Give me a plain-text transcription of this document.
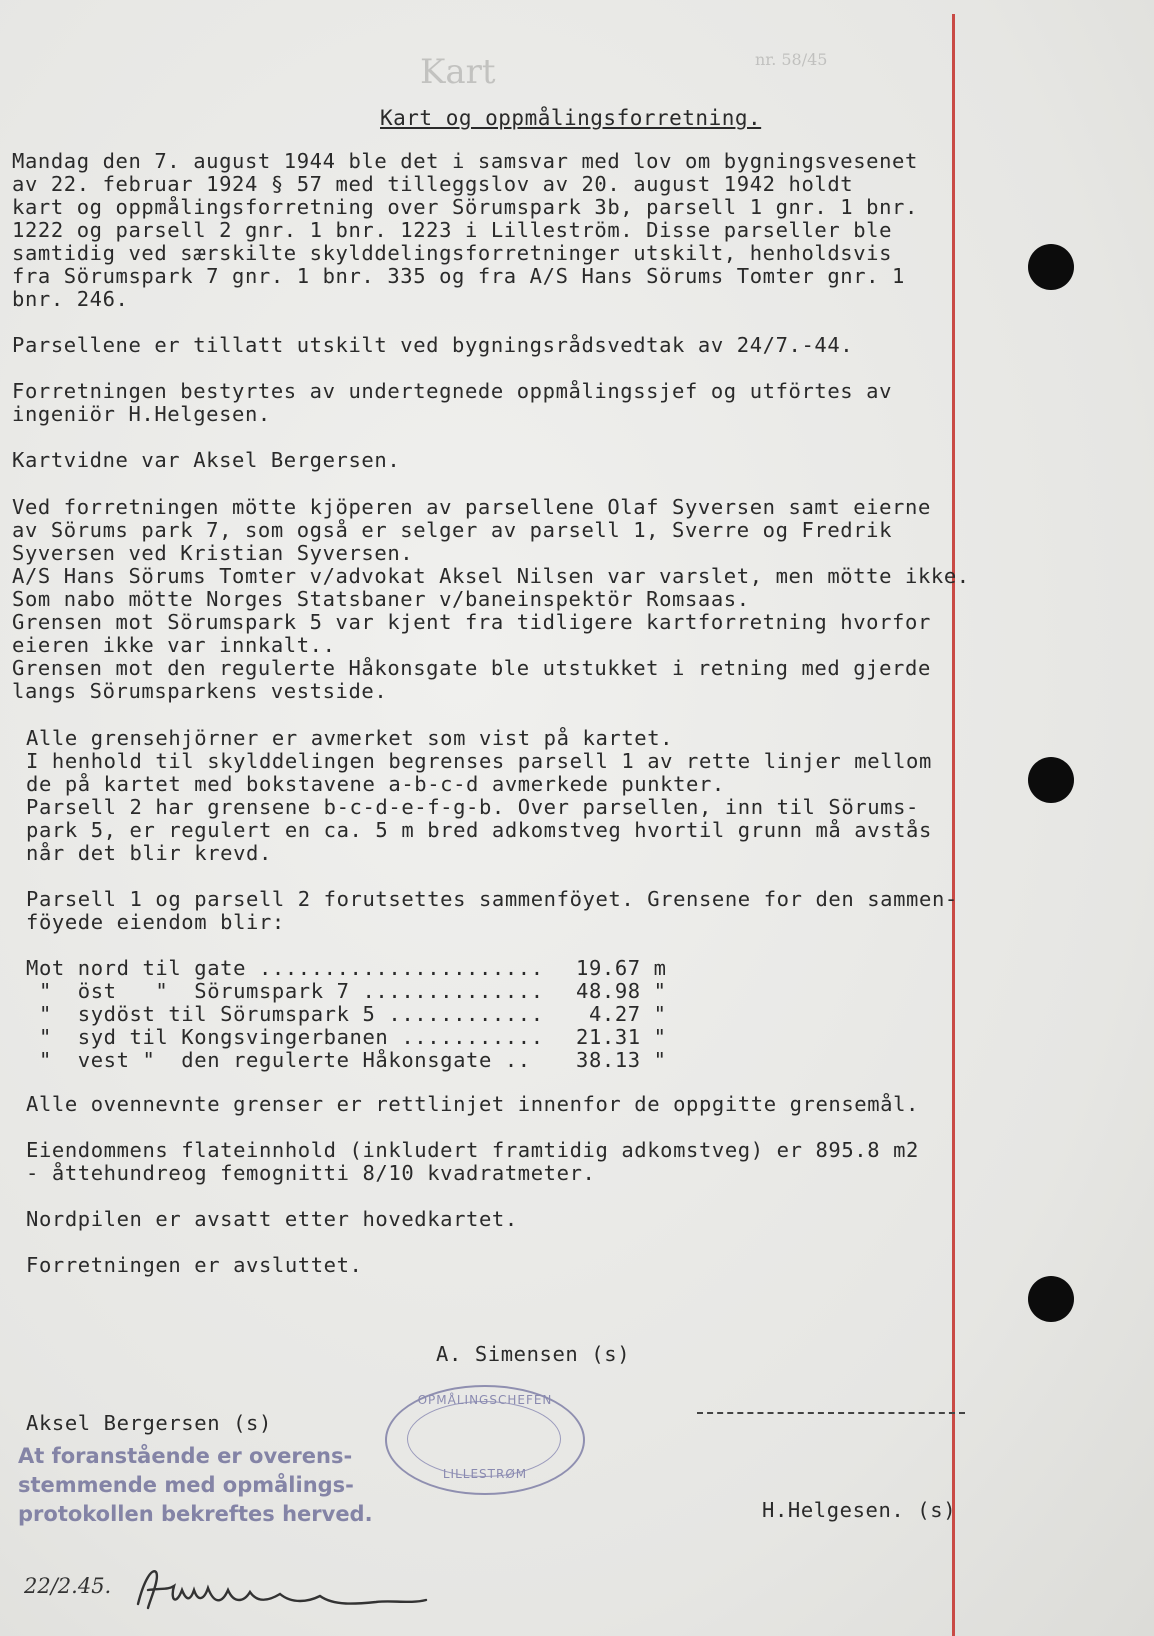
Kart	nr. 58/45
Kart og oppmålingsforretning.
Mandag den 7. august 1944 ble det i samsvar med lov om bygningsvesenet
av 22. februar 1924 § 57 med tilleggslov av 20. august 1942 holdt
kart og oppmålingsforretning over Sörumspark 3b, parsell 1 gnr. 1 bnr.
1222 og parsell 2 gnr. 1 bnr. 1223 i Lilleström. Disse parseller ble
samtidig ved særskilte skylddelingsforretninger utskilt, henholdsvis
fra Sörumspark 7 gnr. 1 bnr. 335 og fra A/S Hans Sörums Tomter gnr. 1
bnr. 246.
Parsellene er tillatt utskilt ved bygningsrådsvedtak av 24/7.-44.
Forretningen bestyrtes av undertegnede oppmålingssjef og utförtes av
ingeniör H.Helgesen.
Kartvidne var Aksel Bergersen.
Ved forretningen mötte kjöperen av parsellene Olaf Syversen samt eierne
av Sörums park 7, som også er selger av parsell 1, Sverre og Fredrik
Syversen ved Kristian Syversen.
A/S Hans Sörums Tomter v/advokat Aksel Nilsen var varslet, men mötte ikke.
Som nabo mötte Norges Statsbaner v/baneinspektör Romsaas.
Grensen mot Sörumspark 5 var kjent fra tidligere kartforretning hvorfor
eieren ikke var innkalt..
Grensen mot den regulerte Håkonsgate ble utstukket i retning med gjerde
langs Sörumsparkens vestside.
Alle grensehjörner er avmerket som vist på kartet.
I henhold til skylddelingen begrenses parsell 1 av rette linjer mellom
de på kartet med bokstavene a-b-c-d avmerkede punkter.
Parsell 2 har grensene b-c-d-e-f-g-b. Over parsellen, inn til Sörums-
park 5, er regulert en ca. 5 m bred adkomstveg hvortil grunn må avstås
når det blir krevd.
Parsell 1 og parsell 2 forutsettes sammenföyet. Grensene for den sammen-
föyede eiendom blir:
Mot nord til gate ...................... 19.67 m
"  öst   "  Sörumspark 7 .............. 48.98 "
"  sydöst til Sörumspark 5 ............ 4.27 "
"  syd til Kongsvingerbanen ........... 21.31 "
"  vest "  den regulerte Håkonsgate .. 38.13 "
Alle ovennevnte grenser er rettlinjet innenfor de oppgitte grensemål.
Eiendommens flateinnhold (inkludert framtidig adkomstveg) er 895.8 m2
- åttehundreog femognitti 8/10 kvadratmeter.
Nordpilen er avsatt etter hovedkartet.
Forretningen er avsluttet.
A. Simensen (s)
Aksel Bergersen (s)
H.Helgesen. (s)
OPMÅLINGSCHEFEN
LILLESTRØM
At foranstående er overens-
stemmende med opmålings-
protokollen bekreftes herved.
22/2.45.
